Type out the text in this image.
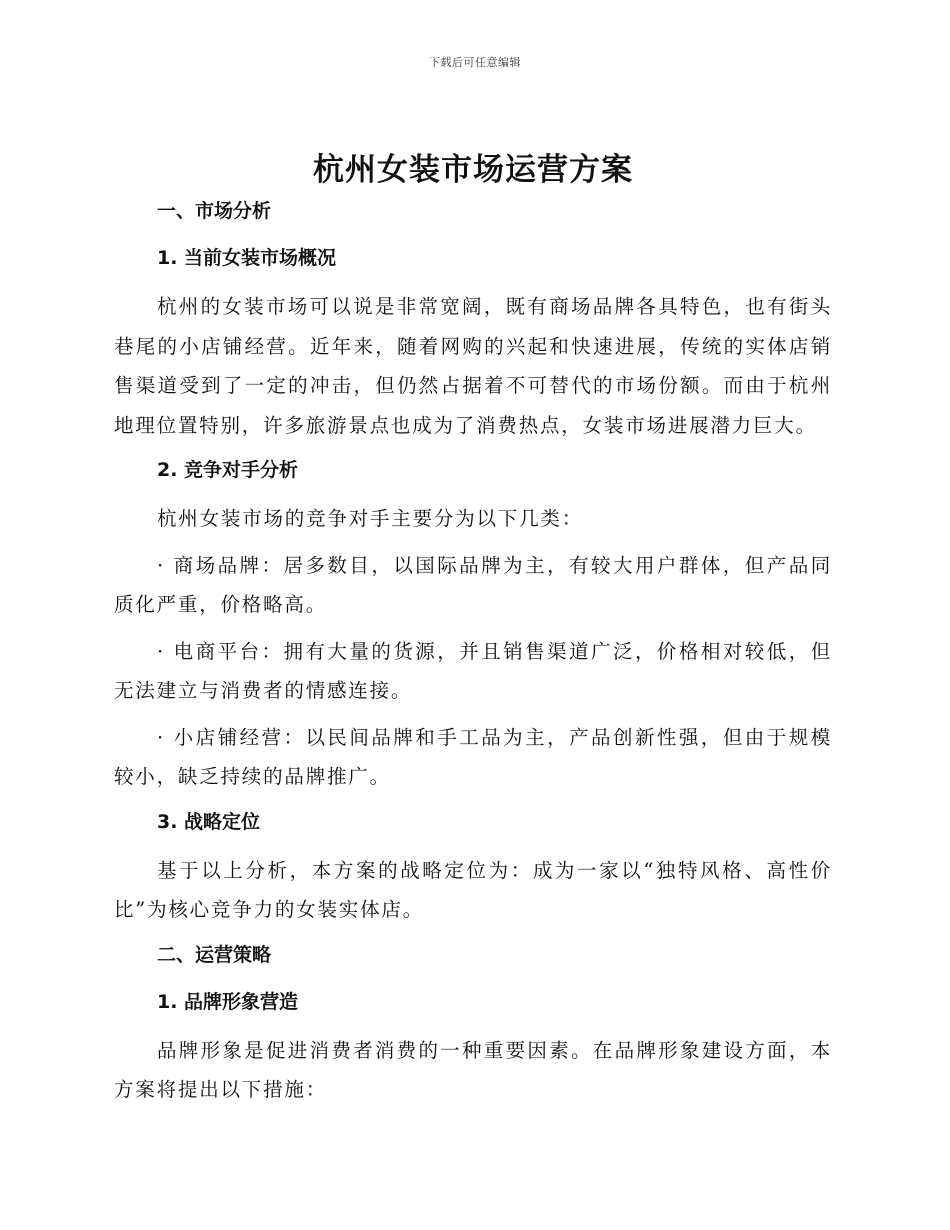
下载后可任意编辑
杭州女装市场运营方案
一、市场分析
1. 当前女装市场概况

杭州的女装市场可以说是非常宽阔，既有商场品牌各具特色，也有街头巷尾的小店铺经营。近年来，随着网购的兴起和快速进展，传统的实体店销售渠道受到了一定的冲击，但仍然占据着不可替代的市场份额。而由于杭州地理位置特别，许多旅游景点也成为了消费热点，女装市场进展潜力巨大。

2. 竞争对手分析

杭州女装市场的竞争对手主要分为以下几类：

· 商场品牌：居多数目，以国际品牌为主，有较大用户群体，但产品同质化严重，价格略高。

· 电商平台：拥有大量的货源，并且销售渠道广泛，价格相对较低，但无法建立与消费者的情感连接。

· 小店铺经营：以民间品牌和手工品为主，产品创新性强，但由于规模较小，缺乏持续的品牌推广。

3. 战略定位

基于以上分析，本方案的战略定位为：成为一家以“独特风格、高性价比”为核心竞争力的女装实体店。

二、运营策略
1. 品牌形象营造

品牌形象是促进消费者消费的一种重要因素。在品牌形象建设方面，本方案将提出以下措施：
